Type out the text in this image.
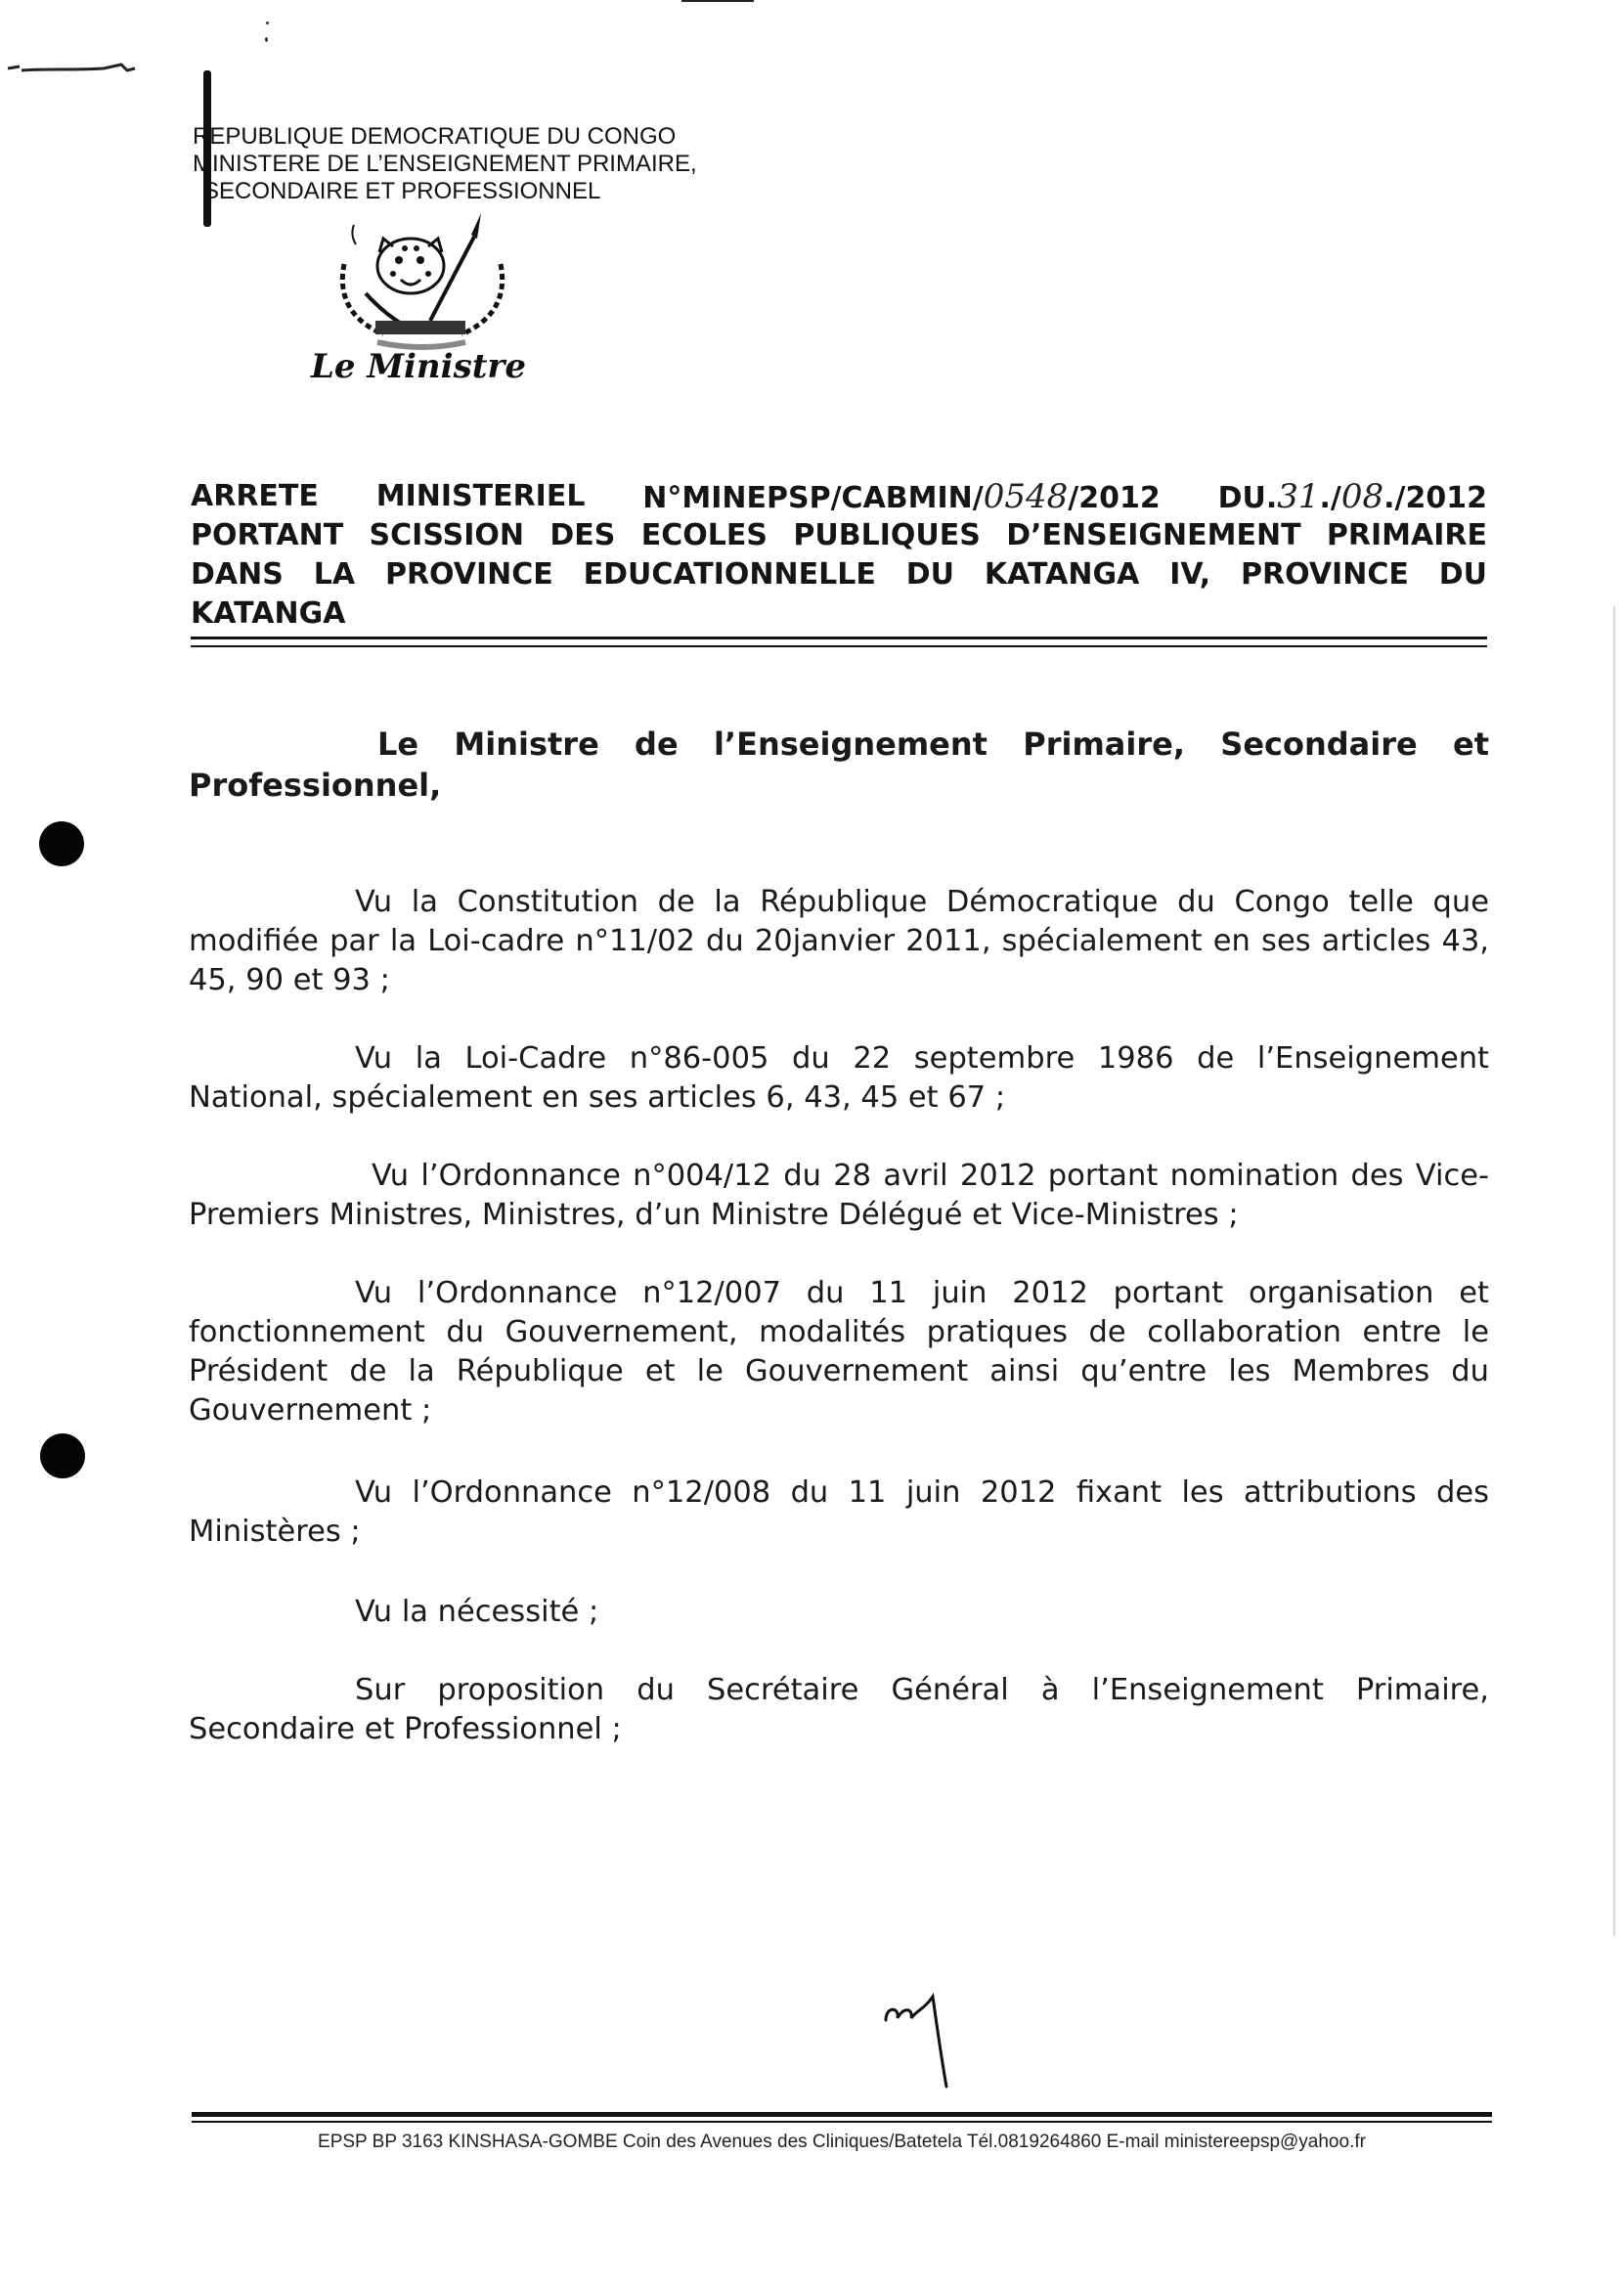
REPUBLIQUE DEMOCRATIQUE DU CONGO
MINISTERE DE L’ENSEIGNEMENT PRIMAIRE,
SECONDAIRE ET PROFESSIONNEL
Le Ministre
ARRETE MINISTERIEL N°MINEPSP/CABMIN/0548/2012 DU.31./08./2012
PORTANT SCISSION DES ECOLES PUBLIQUES D’ENSEIGNEMENT PRIMAIRE DANS LA PROVINCE EDUCATIONNELLE DU KATANGA IV, PROVINCE DU KATANGA
Le Ministre de l’Enseignement Primaire, Secondaire et Professionnel,
Vu la Constitution de la République Démocratique du Congo telle que modifiée par la Loi-cadre n°11/02 du 20janvier 2011, spécialement en ses articles 43, 45, 90 et 93 ;
Vu la Loi-Cadre n°86-005 du 22 septembre 1986 de l’Enseignement National, spécialement en ses articles 6, 43, 45 et 67 ;
Vu l’Ordonnance n°004/12 du 28 avril 2012 portant nomination des Vice-Premiers Ministres, Ministres, d’un Ministre Délégué et Vice-Ministres ;
Vu l’Ordonnance n°12/007 du 11 juin 2012 portant organisation et fonctionnement du Gouvernement, modalités pratiques de collaboration entre le Président de la République et le Gouvernement ainsi qu’entre les Membres du Gouvernement ;
Vu l’Ordonnance n°12/008 du 11 juin 2012 fixant les attributions des Ministères ;
Vu la nécessité ;
Sur proposition du Secrétaire Général à l’Enseignement Primaire, Secondaire et Professionnel ;
EPSP BP 3163 KINSHASA-GOMBE Coin des Avenues des Cliniques/Batetela Tél.0819264860 E-mail ministereepsp@yahoo.fr
